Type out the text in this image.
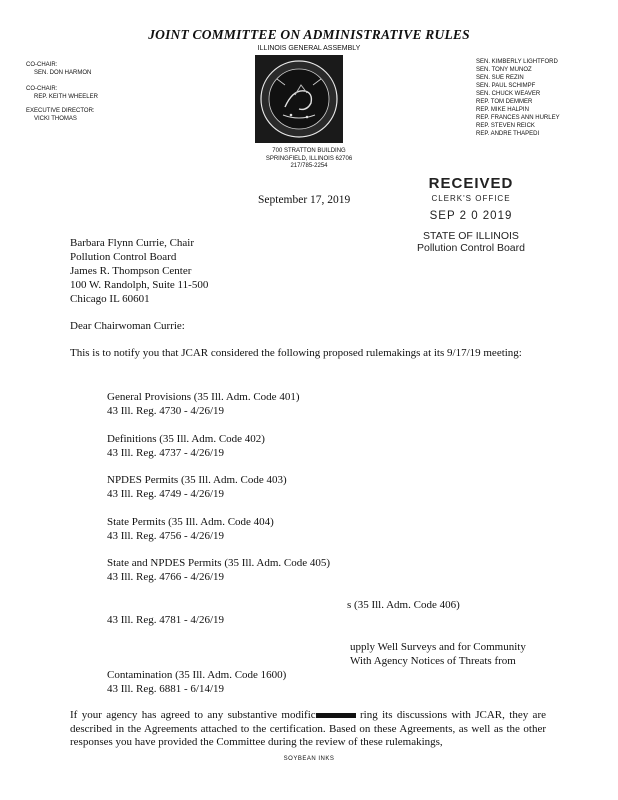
JOINT COMMITTEE ON ADMINISTRATIVE RULES
ILLINOIS GENERAL ASSEMBLY
CO-CHAIR:
SEN. DON HARMON
CO-CHAIR:
REP. KEITH WHEELER
EXECUTIVE DIRECTOR:
VICKI THOMAS
SEN. KIMBERLY LIGHTFORD
SEN. TONY MUNOZ
SEN. SUE REZIN
SEN. PAUL SCHIMPF
SEN. CHUCK WEAVER
REP. TOM DEMMER
REP. MIKE HALPIN
REP. FRANCES ANN HURLEY
REP. STEVEN REICK
REP. ANDRE THAPEDI
700 STRATTON BUILDING
SPRINGFIELD, ILLINOIS 62706
217/785-2254
RECEIVED
CLERK'S OFFICE
SEP 2 0 2019
STATE OF ILLINOIS
Pollution Control Board
September 17, 2019
Barbara Flynn Currie, Chair
Pollution Control Board
James R. Thompson Center
100 W. Randolph, Suite 11-500
Chicago IL 60601
Dear Chairwoman Currie:
This is to notify you that JCAR considered the following proposed rulemakings at its 9/17/19 meeting:
General Provisions (35 Ill. Adm. Code 401)
43 Ill. Reg. 4730 - 4/26/19
Definitions (35 Ill. Adm. Code 402)
43 Ill. Reg. 4737 - 4/26/19
NPDES Permits (35 Ill. Adm. Code 403)
43 Ill. Reg. 4749 - 4/26/19
State Permits (35 Ill. Adm. Code 404)
43 Ill. Reg. 4756 - 4/26/19
State and NPDES Permits (35 Ill. Adm. Code 405)
43 Ill. Reg. 4766 - 4/26/19
s (35 Ill. Adm. Code 406)
43 Ill. Reg. 4781 - 4/26/19
upply Well Surveys and for Community
With Agency Notices of Threats from
Contamination (35 Ill. Adm. Code 1600)
43 Ill. Reg. 6881 - 6/14/19
If your agency has agreed to any substantive modific	ring its discussions with JCAR, they are described in the Agreements attached to the certification. Based on these Agreements, as well as the other responses you have provided the Committee during the review of these rulemakings,
SOYBEAN INKS
